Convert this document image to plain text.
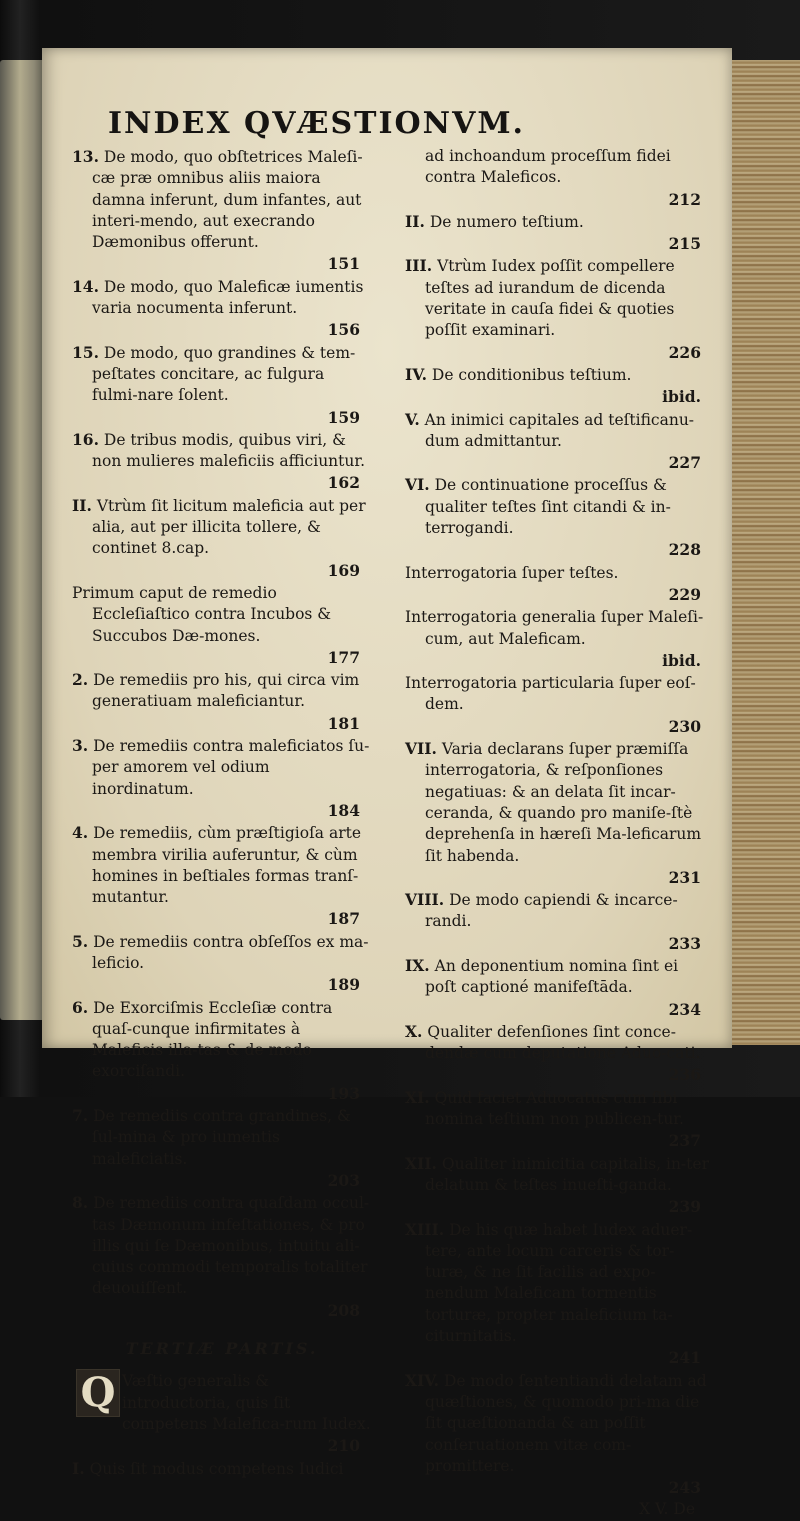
INDEX QVÆSTIONVM.
13. De modo, quo obſtetrices Maleſi-cæ præ omnibus aliis maiora damna inferunt, dum infantes, aut interi-mendo, aut execrando Dæmonibus offerunt.
151
14. De modo, quo Maleficæ iumentis varia nocumenta inferunt.
156
15. De modo, quo grandines & tem-peſtates concitare, ac fulgura fulmi-nare ſolent.
159
16. De tribus modis, quibus viri, & non mulieres maleficiis afficiuntur.
162
II. Vtrùm ſit licitum maleficia aut per alia, aut per illicita tollere, & continet 8.cap.
169
Primum caput de remedio Eccleſiaſtico contra Incubos & Succubos Dæ-mones.
177
2. De remediis pro his, qui circa vim generatiuam maleficiantur.
181
3. De remediis contra maleficiatos ſu-per amorem vel odium inordinatum.
184
4. De remediis, cùm præſtigioſa arte membra virilia auferuntur, & cùm homines in beſtiales formas tranſ-mutantur.
187
5. De remediis contra obſeſſos ex ma-leficio.
189
6. De Exorciſmis Eccleſiæ contra quaſ-cunque infirmitates à Maleficis illa-tas & de modo exorciſandi.
193
7. De remediis contra grandines, & ſul-mina & pro iumentis maleficiatis.
203
8. De remediis contra quaſdam occul-tas Dæmonum infeſtationes, & pro illis qui ſe Dæmonibus, intuitu ali-cuius commodi temporalis totaliter deuouiſſent.
208
TERTIÆ PARTIS.
Q Væſtio generalis & introductoria, quis ſit competens Malefica-rum Iudex.
210
I. Quis ſit modus competens Iudici
ad inchoandum proceſſum fidei contra Maleficos.
212
II. De numero teſtium.
215
III. Vtrùm Iudex poſſit compellere teſtes ad iurandum de dicenda veritate in cauſa fidei & quoties poſſit examinari.
226
IV. De conditionibus teſtium.
ibid.
V. An inimici capitales ad teſtificanu-dum admittantur.
227
VI. De continuatione proceſſus & qualiter teſtes ſint citandi & in-terrogandi.
228
Interrogatoria ſuper teſtes.
229
Interrogatoria generalia ſuper Maleſi-cum, aut Maleficam.
ibid.
Interrogatoria particularia ſuper eoſ-dem.
230
VII. Varia declarans ſuper præmiſſa interrogatoria, & reſponſiones negatiuas: & an delata ſit incar-ceranda, & quando pro maniſe-ſtè deprehenſa in hæreſi Ma-leficarum ſit habenda.
231
VIII. De modo capiendi & incarce-randi.
233
IX. An deponentium nomina ſint ei poſt captioné manifeſtāda.
234
X. Qualiter defenſiones ſint conce-dendæ cum deputatione Aduo-cati.
236
XI. Quid faciet Aduocatus cùm ſibi nomina teſtium non publicen-tur.
237
XII. Qualiter inimicitia capitalis, in-ter delatum & teſtes inueſti-ganda.
239
XIII. De his quæ habet Iudex aduer-tere, ante locum carceris & tor-turæ, & ne ſit facilis ad expo-nendum Maleficam tormentis torturæ, propter maleficium ta-citurnitatis.
241
XIV. De modo ſententiandi delatam ad quæſtiones, & quomodo pri-ma die ſit quæſtionanda & an poſſit conſeruationem vitæ com-promittere.
243
X V. De
